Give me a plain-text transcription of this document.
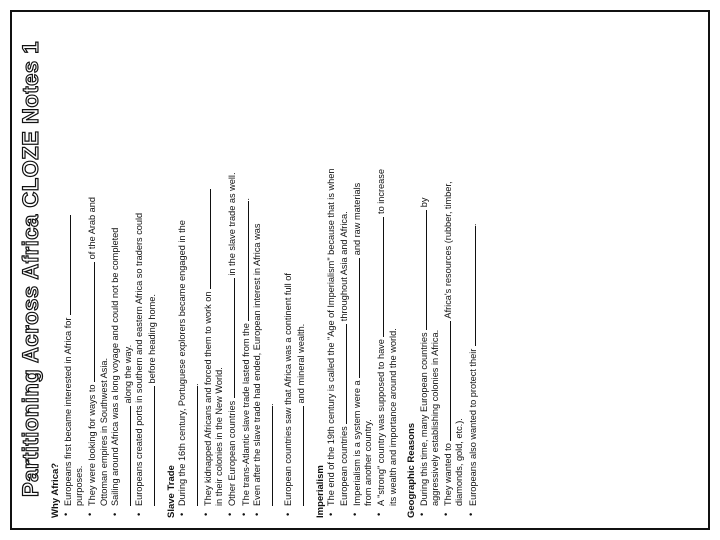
Partitioning Across Africa CLOZE Notes 1 Why Africa? • Europeans first became interested in Africa for
purposes. • They were looking for ways to  of the Arab and
Ottoman empires in Southwest Asia. • Sailing around Africa was a long voyage and could not be completed along the way. • Europeans created ports in southern and eastern Africa so traders could before heading home.
Slave Trade • During the 16th century, Portuguese explorers became engaged in the . • They kidnapped Africans and forced them to work on
in their colonies in the New World. • Other European countries  in the slave trade as well.
• The trans-Atlantic slave trade lasted from the .
• Even after the slave trade had ended, European interest in Africa was . • European countries saw that Africa was a continent full of and mineral wealth.
Imperialism • The end of the 19th century is called the "Age of Imperialism" because that is when European countries  throughout Asia and Africa.
• Imperialism is a system were a  and raw materials
from another country. • A "strong" country was supposed to have  to increase
its wealth and importance around the world. Geographic Reasons • During this time, many European countries  by
aggressively establishing colonies in Africa. • They wanted to  Africa's resources (rubber, timber,
diamonds, gold, etc.). • Europeans also wanted to protect their .
